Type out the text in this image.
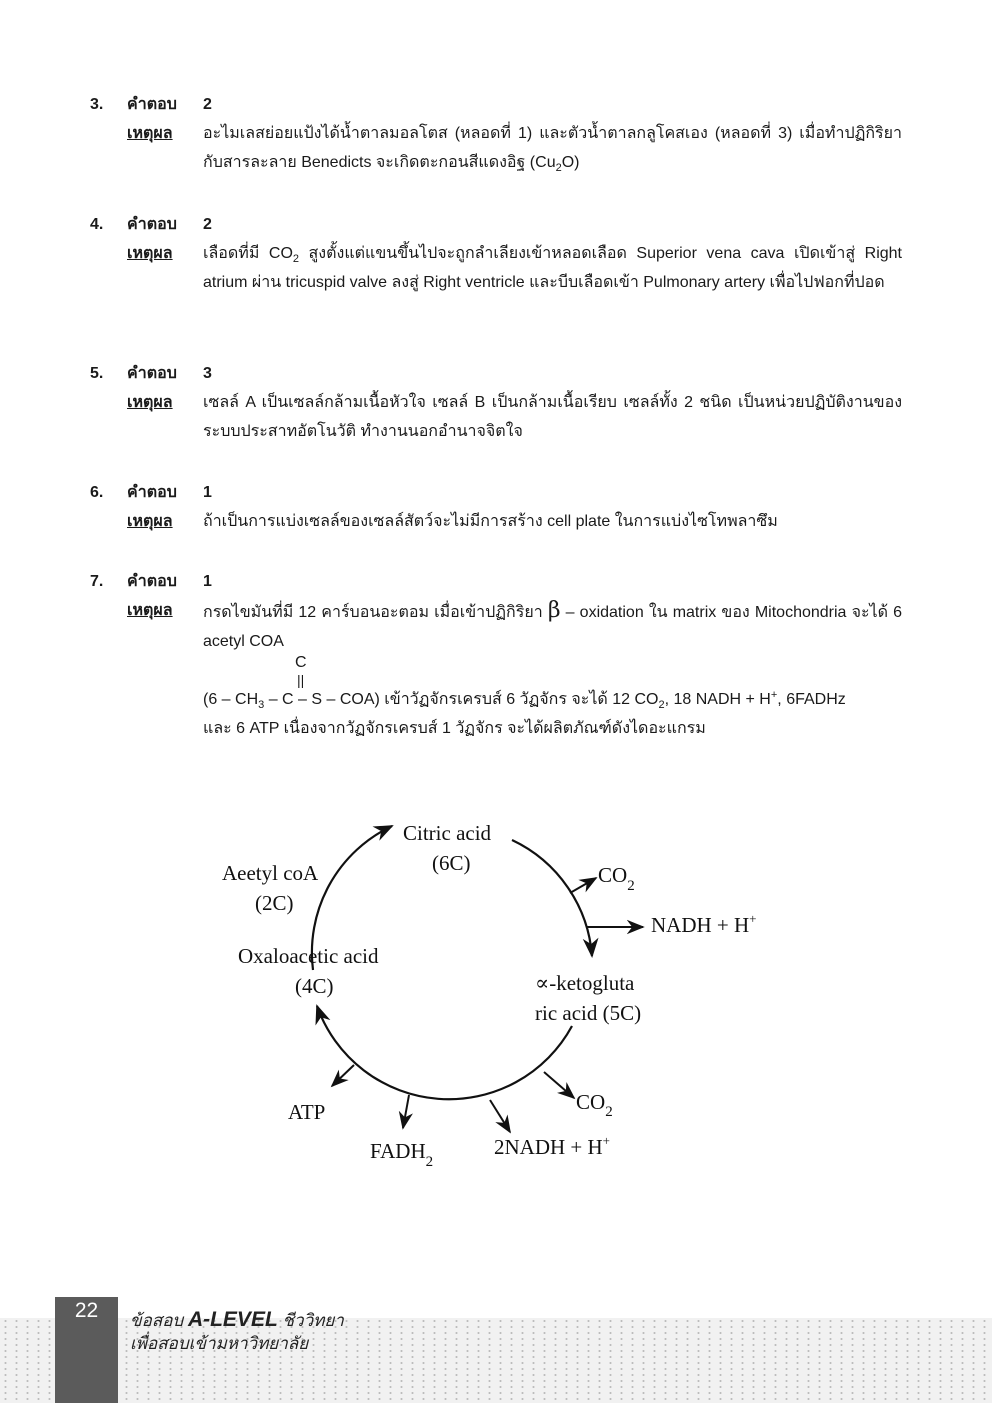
3.	คำตอบ	2
เหตุผล	อะไมเลสย่อยแป้งได้น้ำตาลมอลโตส (หลอดที่ 1) และตัวน้ำตาลกลูโคสเอง (หลอดที่ 3) เมื่อทำปฏิกิริยากับสารละลาย Benedicts จะเกิดตะกอนสีแดงอิฐ $(Cu_2O)$
4.	คำตอบ	2
เหตุผล	เลือดที่มี $CO_2$ สูงตั้งแต่แขนขึ้นไปจะถูกลำเลียงเข้าหลอดเลือด Superior vena cava เปิดเข้าสู่ Right atrium ผ่าน tricuspid valve ลงสู่ Right ventricle และบีบเลือดเข้า Pulmonary artery เพื่อไปฟอกที่ปอด
5.	คำตอบ	3
เหตุผล	เซลล์ A เป็นเซลล์กล้ามเนื้อหัวใจ เซลล์ B เป็นกล้ามเนื้อเรียบ เซลล์ทั้ง 2 ชนิด เป็นหน่วยปฏิบัติงานของระบบประสาทอัตโนวัติ ทำงานนอกอำนาจจิตใจ
6.	คำตอบ	1
เหตุผล	ถ้าเป็นการแบ่งเซลล์ของเซลล์สัตว์จะไม่มีการสร้าง cell plate ในการแบ่งไซโทพลาซึม
7.	คำตอบ	1
เหตุผล	กรดไขมันที่มี 12 คาร์บอนอะตอม เมื่อเข้าปฏิกิริยา β – oxidation ใน matrix ของ Mitochondria จะได้ 6 acetyl COA
C
||
($6 - CH_3$ – C – S – COA) เข้าวัฏจักรเครบส์ 6 วัฏจักร จะได้ 12 $CO_2$, 18 NADH + H+, 6FADHz
และ 6 ATP เนื่องจากวัฏจักรเครบส์ 1 วัฏจักร จะได้ผลิตภัณฑ์ดังไดอะแกรม
Citric acid
(6C)
Aeetyl coA
(2C)
Oxaloacetic acid
(4C)	∝-ketogluta
ric acid (5C)
$CO_2$
NADH + H+
ATP
$FADH_2$
2NADH + H+
$CO_2$
22	ข้อสอบ A-LEVEL ชีววิทยา
เพื่อสอบเข้ามหาวิทยาลัย
